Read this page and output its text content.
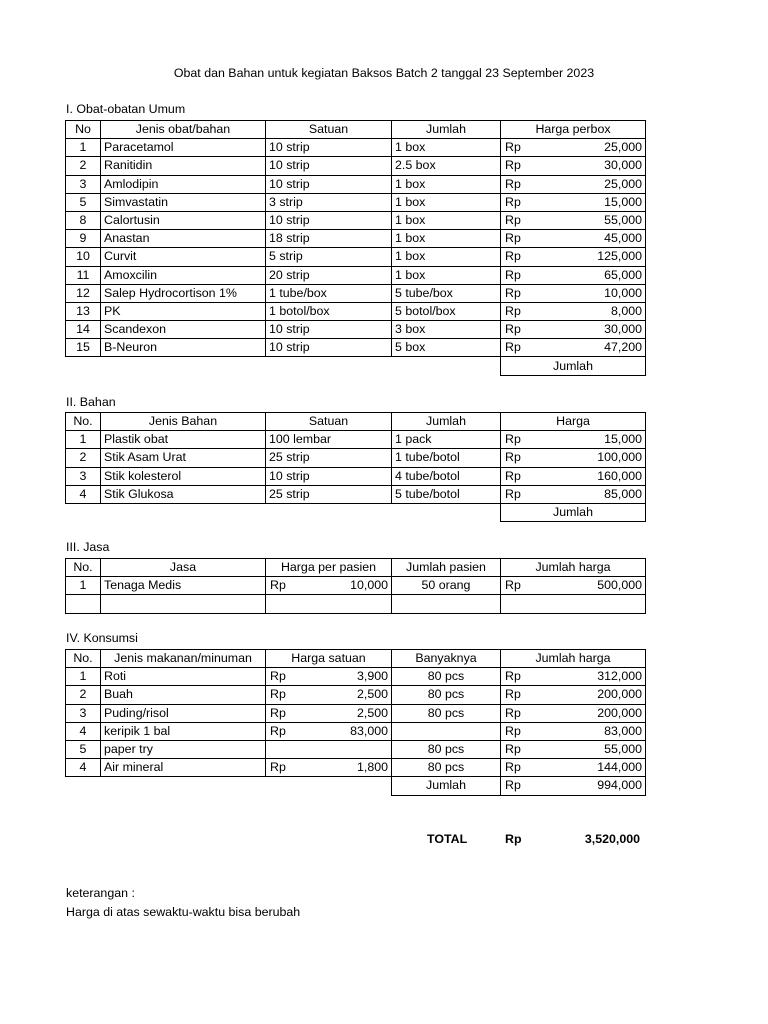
Obat dan Bahan untuk kegiatan Baksos Batch 2 tanggal 23 September 2023
I. Obat-obatan Umum
No	Jenis obat/bahan	Satuan	Jumlah	Harga perbox
1	Paracetamol	10 strip	1 box	Rp 25,000

2	Ranitidin	10 strip	2.5 box	Rp 30,000

3	Amlodipin	10 strip	1 box	Rp 25,000

5	Simvastatin	3 strip	1 box	Rp 15,000

8	Calortusin	10 strip	1 box	Rp 55,000

9	Anastan	18 strip	1 box	Rp 45,000

10	Curvit	5 strip	1 box	Rp 125,000

11	Amoxcilin	20 strip	1 box	Rp 65,000

12	Salep Hydrocortison 1%	1 tube/box	5 tube/box	Rp 10,000

13	PK	1 botol/box	5 botol/box	Rp 8,000

14	Scandexon	10 strip	3 box	Rp 30,000

15	B-Neuron	10 strip	5 box	Rp 47,200

				Jumlah
II. Bahan
No.	Jenis Bahan	Satuan	Jumlah	Harga
1	Plastik obat	100 lembar	1 pack	Rp 15,000

2	Stik Asam Urat	25 strip	1 tube/botol	Rp 100,000

3	Stik kolesterol	10 strip	4 tube/botol	Rp 160,000

4	Stik Glukosa	25 strip	5 tube/botol	Rp 85,000

				Jumlah
III. Jasa
No.	Jasa	Harga per pasien	Jumlah pasien	Jumlah harga
1	Tenaga Medis	Rp 10,000	50 orang	Rp 500,000

IV. Konsumsi
No.	Jenis makanan/minuman	Harga satuan	Banyaknya	Jumlah harga
1	Roti	Rp 3,900	80 pcs	Rp 312,000

2	Buah	Rp 2,500	80 pcs	Rp 200,000

3	Puding/risol	Rp 2,500	80 pcs	Rp 200,000

4	keripik 1 bal	Rp 83,000		Rp 83,000

5	paper try		80 pcs	Rp 55,000

4	Air mineral	Rp 1,800	80 pcs	Rp 144,000

			Jumlah	Rp 994,000
TOTAL	Rp	3,520,000
keterangan :
Harga di atas sewaktu-waktu bisa berubah
